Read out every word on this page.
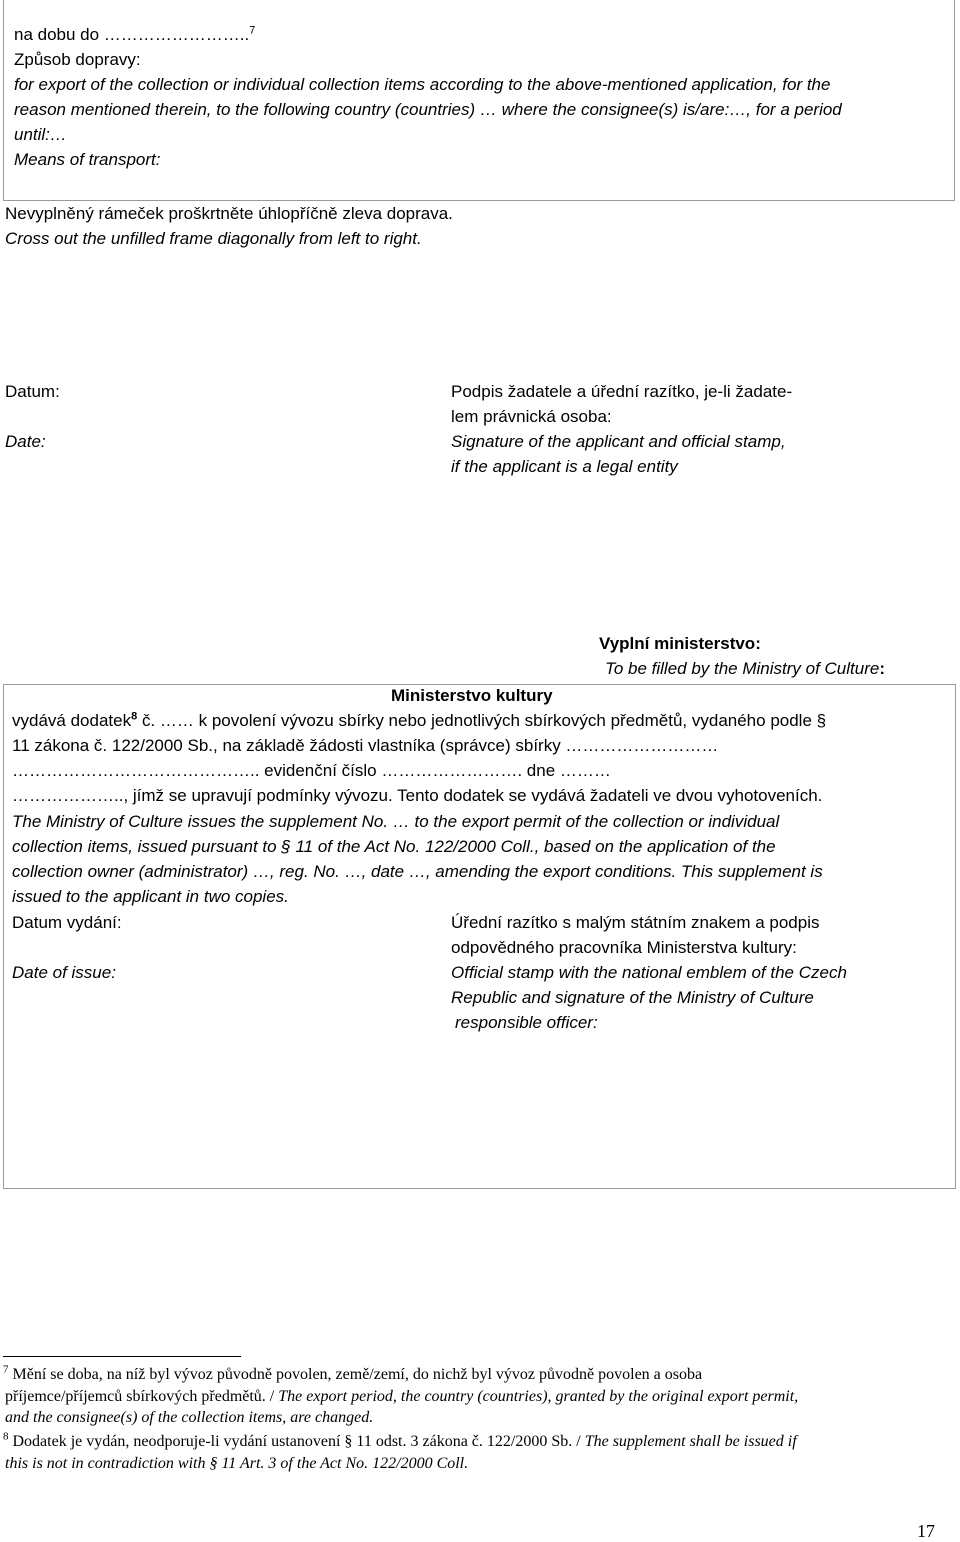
na dobu do ……………………..$^7$
Způsob dopravy:
for export of the collection or individual collection items according to the above-mentioned application, for the
reason mentioned therein, to the following country (countries) … where the consignee(s) is/are:…, for a period
until:…
Means of transport:
Nevyplněný rámeček proškrtněte úhlopříčně zleva doprava.
Cross out the unfilled frame diagonally from left to right.
Datum:
Date:
Podpis žadatele a úřední razítko, je-li žadate-
lem právnická osoba:
Signature of the applicant and official stamp,
if the applicant is a legal entity
Vyplní ministerstvo:
To be filled by the Ministry of Culture:
Ministerstvo kultury
vydává dodatek$^8$ č. …… k povolení vývozu sbírky nebo jednotlivých sbírkových předmětů, vydaného podle §
11 zákona č. 122/2000 Sb., na základě žádosti vlastníka (správce) sbírky ………………………
…………………………………….. evidenční číslo ……………………. dne ………
……………….., jímž se upravují podmínky vývozu. Tento dodatek se vydává žadateli ve dvou vyhotoveních.
The Ministry of Culture issues the supplement No. … to the export permit of the collection or individual
collection items, issued pursuant to § 11 of the Act No. 122/2000 Coll., based on the application of the
collection owner (administrator) …, reg. No. …, date …, amending the export conditions. This supplement is
issued to the applicant in two copies.
Datum vydání:
Date of issue:
Úřední razítko s malým státním znakem a podpis
odpovědného pracovníka Ministerstva kultury:
Official stamp with the national emblem of the Czech
Republic and signature of the Ministry of Culture
responsible officer:
$^7$ Mění se doba, na níž byl vývoz původně povolen, země/zemí, do nichž byl vývoz původně povolen a osoba
příjemce/příjemců sbírkových předmětů. / The export period, the country (countries), granted by the original export permit,
and the consignee(s) of the collection items, are changed.
$^8$ Dodatek je vydán, neodporuje-li vydání ustanovení § 11 odst. 3 zákona č. 122/2000 Sb. / The supplement shall be issued if
this is not in contradiction with § 11 Art. 3 of the Act No. 122/2000 Coll.
17
